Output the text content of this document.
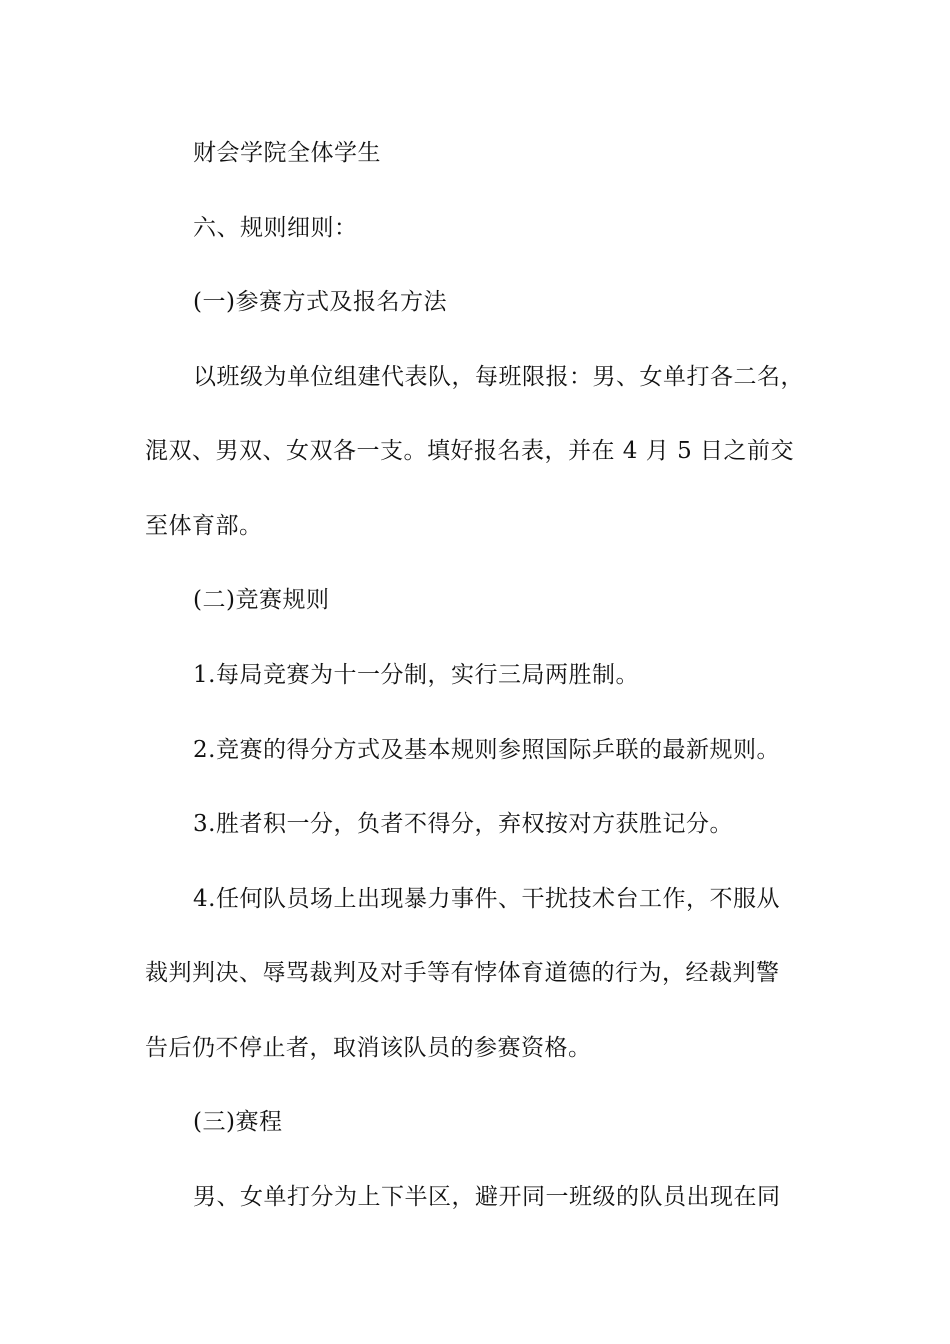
财会学院全体学生
六、规则细则：
(一)参赛方式及报名方法
以班级为单位组建代表队，每班限报：男、女单打各二名，
混双、男双、女双各一支。填好报名表，并在 4 月 5 日之前交
至体育部。
(二)竞赛规则
1.每局竞赛为十一分制，实行三局两胜制。
2.竞赛的得分方式及基本规则参照国际乒联的最新规则。
3.胜者积一分，负者不得分，弃权按对方获胜记分。
4.任何队员场上出现暴力事件、干扰技术台工作，不服从
裁判判决、辱骂裁判及对手等有悖体育道德的行为，经裁判警
告后仍不停止者，取消该队员的参赛资格。
(三)赛程
男、女单打分为上下半区，避开同一班级的队员出现在同
